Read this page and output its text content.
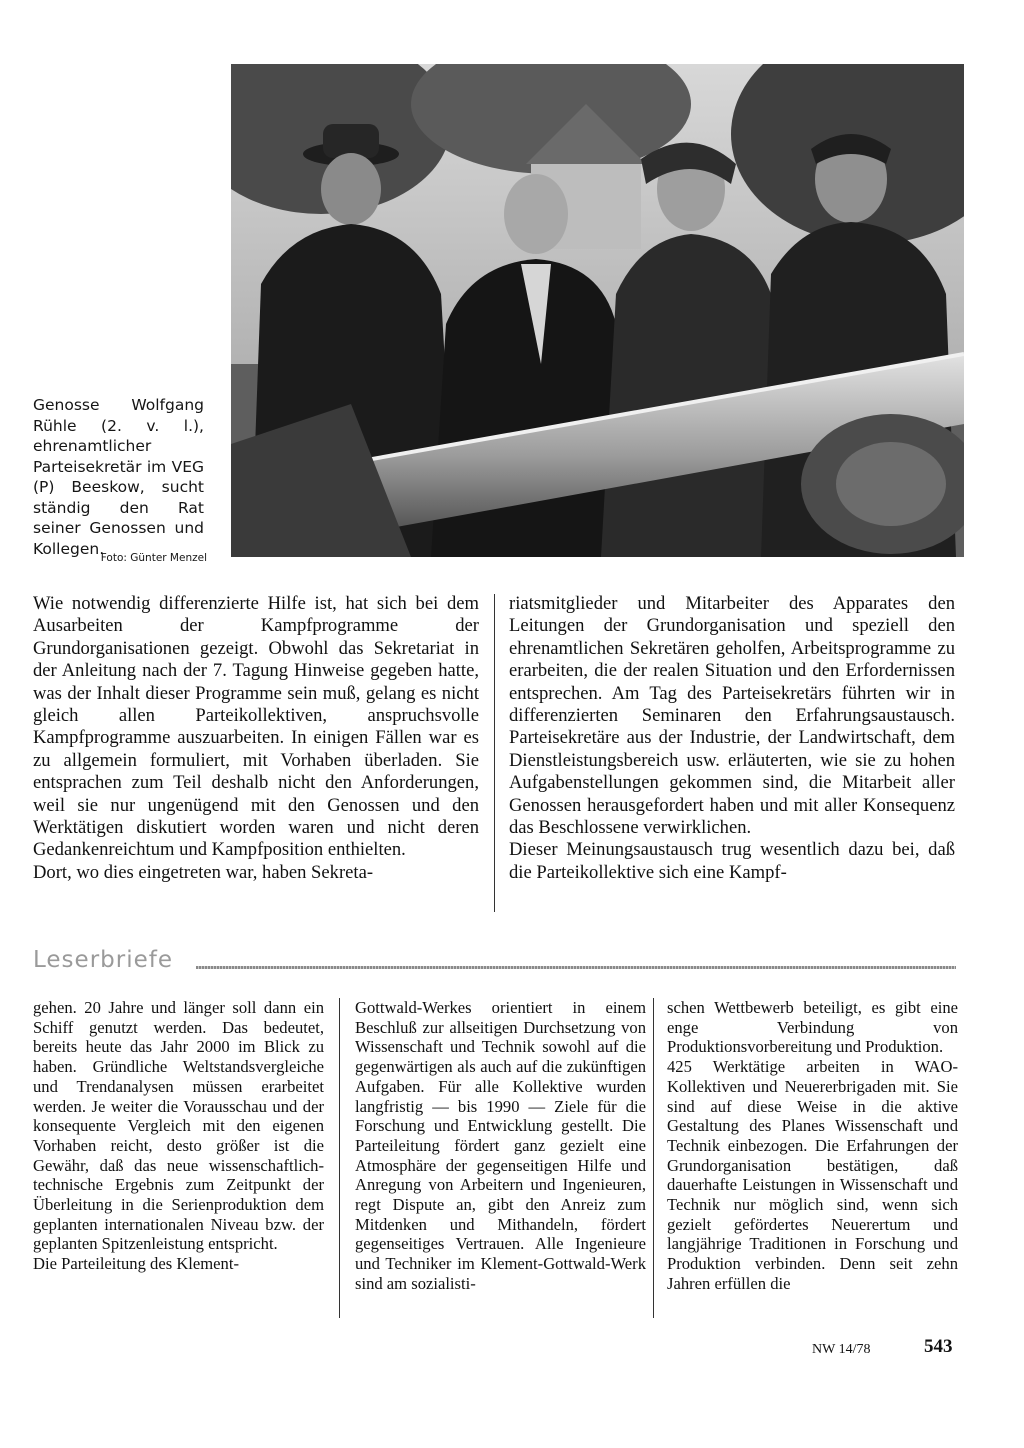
Genosse Wolfgang Rühle (2. v. l.), ehrenamtlicher Parteisekretär im VEG (P) Beeskow, sucht ständig den Rat seiner Genossen und Kollegen.
Foto: Günter Menzel

Wie notwendig differenzierte Hilfe ist, hat sich bei dem Ausarbeiten der Kampfprogramme der Grundorganisationen gezeigt. Obwohl das Sekretariat in der Anleitung nach der 7. Tagung Hinweise gegeben hatte, was der Inhalt dieser Programme sein muß, gelang es nicht gleich allen Parteikollektiven, anspruchsvolle Kampfprogramme auszuarbeiten. In einigen Fällen war es zu allgemein formuliert, mit Vorhaben überladen. Sie entsprachen zum Teil deshalb nicht den Anforderungen, weil sie nur ungenügend mit den Genossen und den Werktätigen diskutiert worden waren und nicht deren Gedankenreichtum und Kampfposition enthielten.

Dort, wo dies eingetreten war, haben Sekreta-

riatsmitglieder und Mitarbeiter des Apparates den Leitungen der Grundorganisation und speziell den ehrenamtlichen Sekretären geholfen, Arbeitsprogramme zu erarbeiten, die der realen Situation und den Erfordernissen entsprechen. Am Tag des Parteisekretärs führten wir in differenzierten Seminaren den Erfahrungsaustausch. Parteisekretäre aus der Industrie, der Landwirtschaft, dem Dienstleistungsbereich usw. erläuterten, wie sie zu hohen Aufgabenstellungen gekommen sind, die Mitarbeit aller Genossen herausgefordert haben und mit aller Konsequenz das Beschlossene verwirklichen.

Dieser Meinungsaustausch trug wesentlich dazu bei, daß die Parteikollektive sich eine Kampf-

Leserbriefe

gehen. 20 Jahre und länger soll dann ein Schiff genutzt werden. Das bedeutet, bereits heute das Jahr 2000 im Blick zu haben. Gründliche Weltstandsvergleiche und Trendanalysen müssen erarbeitet werden. Je weiter die Vorausschau und der konsequente Vergleich mit den eigenen Vorhaben reicht, desto größer ist die Gewähr, daß das neue wissenschaftlich-technische Ergebnis zum Zeitpunkt der Überleitung in die Serienproduktion dem geplanten internationalen Niveau bzw. der geplanten Spitzenleistung entspricht.

Die Parteileitung des Klement-

Gottwald-Werkes orientiert in einem Beschluß zur allseitigen Durchsetzung von Wissenschaft und Technik sowohl auf die gegenwärtigen als auch auf die zukünftigen Aufgaben. Für alle Kollektive wurden langfristig — bis 1990 — Ziele für die Forschung und Entwicklung gestellt. Die Parteileitung fördert ganz gezielt eine Atmosphäre der gegenseitigen Hilfe und Anregung von Arbeitern und Ingenieuren, regt Dispute an, gibt den Anreiz zum Mitdenken und Mithandeln, fördert gegenseitiges Vertrauen. Alle Ingenieure und Techniker im Klement-Gottwald-Werk sind am sozialisti-

schen Wettbewerb beteiligt, es gibt eine enge Verbindung von Produktionsvorbereitung und Produktion.

425 Werktätige arbeiten in WAO-Kollektiven und Neuererbrigaden mit. Sie sind auf diese Weise in die aktive Gestaltung des Planes Wissenschaft und Technik einbezogen. Die Erfahrungen der Grundorganisation bestätigen, daß dauerhafte Leistungen in Wissenschaft und Technik nur möglich sind, wenn sich gezielt gefördertes Neuerertum und langjährige Traditionen in Forschung und Produktion verbinden. Denn seit zehn Jahren erfüllen die

NW 14/78	543
